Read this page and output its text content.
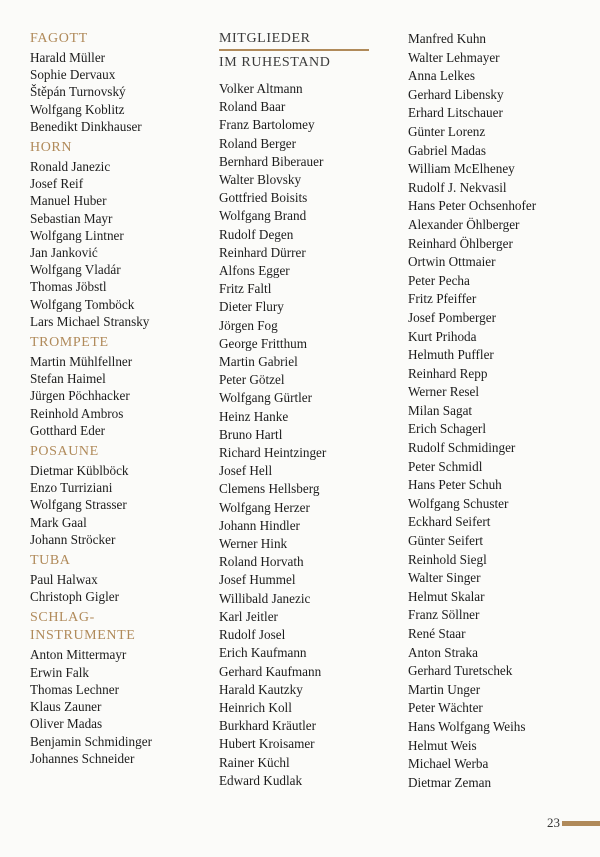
FAGOTT
Harald Müller
Sophie Dervaux
Štěpán Turnovský
Wolfgang Koblitz
Benedikt Dinkhauser
HORN
Ronald Janezic
Josef Reif
Manuel Huber
Sebastian Mayr
Wolfgang Lintner
Jan Janković
Wolfgang Vladár
Thomas Jöbstl
Wolfgang Tomböck
Lars Michael Stransky
TROMPETE
Martin Mühlfellner
Stefan Haimel
Jürgen Pöchhacker
Reinhold Ambros
Gotthard Eder
POSAUNE
Dietmar Küblböck
Enzo Turriziani
Wolfgang Strasser
Mark Gaal
Johann Ströcker
TUBA
Paul Halwax
Christoph Gigler
SCHLAG-
INSTRUMENTE
Anton Mittermayr
Erwin Falk
Thomas Lechner
Klaus Zauner
Oliver Madas
Benjamin Schmidinger
Johannes Schneider
MITGLIEDER
IM RUHESTAND
Volker Altmann
Roland Baar
Franz Bartolomey
Roland Berger
Bernhard Biberauer
Walter Blovsky
Gottfried Boisits
Wolfgang Brand
Rudolf Degen
Reinhard Dürrer
Alfons Egger
Fritz Faltl
Dieter Flury
Jörgen Fog
George Fritthum
Martin Gabriel
Peter Götzel
Wolfgang Gürtler
Heinz Hanke
Bruno Hartl
Richard Heintzinger
Josef Hell
Clemens Hellsberg
Wolfgang Herzer
Johann Hindler
Werner Hink
Roland Horvath
Josef Hummel
Willibald Janezic
Karl Jeitler
Rudolf Josel
Erich Kaufmann
Gerhard Kaufmann
Harald Kautzky
Heinrich Koll
Burkhard Kräutler
Hubert Kroisamer
Rainer Küchl
Edward Kudlak
Manfred Kuhn
Walter Lehmayer
Anna Lelkes
Gerhard Libensky
Erhard Litschauer
Günter Lorenz
Gabriel Madas
William McElheney
Rudolf J. Nekvasil
Hans Peter Ochsenhofer
Alexander Öhlberger
Reinhard Öhlberger
Ortwin Ottmaier
Peter Pecha
Fritz Pfeiffer
Josef Pomberger
Kurt Prihoda
Helmuth Puffler
Reinhard Repp
Werner Resel
Milan Sagat
Erich Schagerl
Rudolf Schmidinger
Peter Schmidl
Hans Peter Schuh
Wolfgang Schuster
Eckhard Seifert
Günter Seifert
Reinhold Siegl
Walter Singer
Helmut Skalar
Franz Söllner
René Staar
Anton Straka
Gerhard Turetschek
Martin Unger
Peter Wächter
Hans Wolfgang Weihs
Helmut Weis
Michael Werba
Dietmar Zeman
23
